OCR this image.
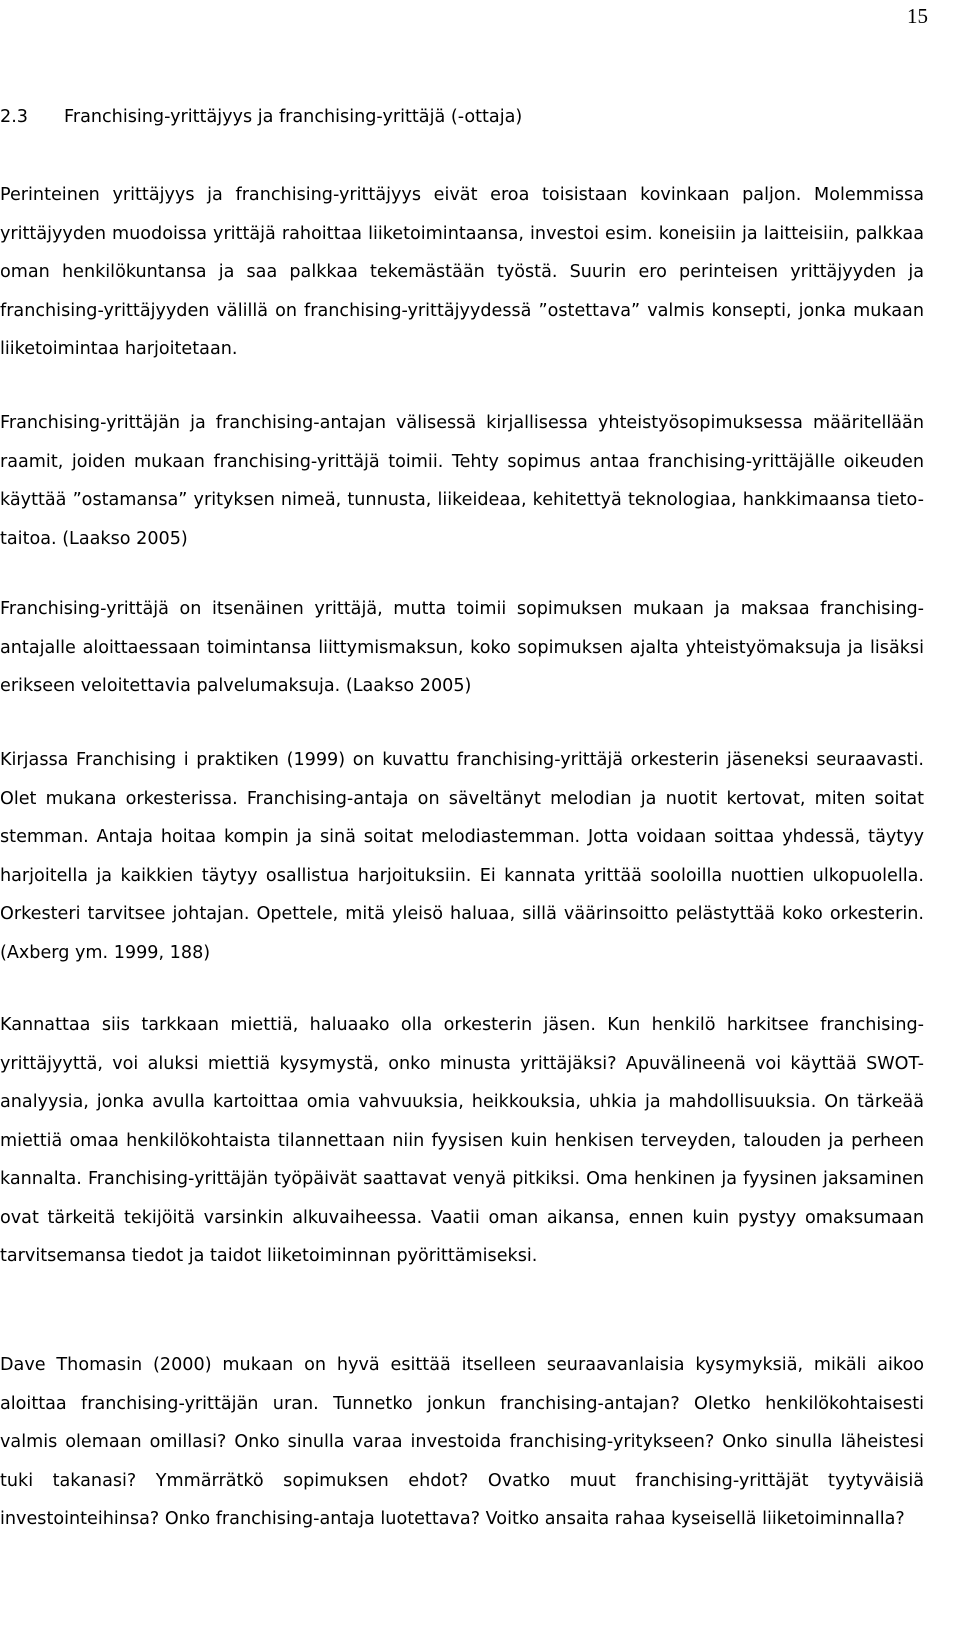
15
2.3 Franchising-yrittäjyys ja franchising-yrittäjä (-ottaja)

Perinteinen yrittäjyys ja franchising-yrittäjyys eivät eroa toisistaan kovinkaan paljon. Molemmissa yrittäjyyden muodoissa yrittäjä rahoittaa liiketoimintaansa, investoi esim. koneisiin ja laitteisiin, palkkaa oman henkilökuntansa ja saa palkkaa tekemästään työstä. Suurin ero perinteisen yrittäjyyden ja franchising-yrittäjyyden välillä on franchising-yrittäjyydessä ”ostettava” valmis konsepti, jonka mukaan liiketoimintaa harjoitetaan.

Franchising-yrittäjän ja franchising-antajan välisessä kirjallisessa yhteistyösopimuksessa määritellään raamit, joiden mukaan franchising-yrittäjä toimii. Tehty sopimus antaa franchising-yrittäjälle oikeuden käyttää ”ostamansa” yrityksen nimeä, tunnusta, liikeideaa, kehitettyä teknologiaa, hankkimaansa tieto-taitoa. (Laakso 2005)

Franchising-yrittäjä on itsenäinen yrittäjä, mutta toimii sopimuksen mukaan ja maksaa franchising-antajalle aloittaessaan toimintansa liittymismaksun, koko sopimuksen ajalta yhteistyömaksuja ja lisäksi erikseen veloitettavia palvelumaksuja. (Laakso 2005)

Kirjassa Franchising i praktiken (1999) on kuvattu franchising-yrittäjä orkesterin jäseneksi seuraavasti. Olet mukana orkesterissa. Franchising-antaja on säveltänyt melodian ja nuotit kertovat, miten soitat stemman. Antaja hoitaa kompin ja sinä soitat melodiastemman. Jotta voidaan soittaa yhdessä, täytyy harjoitella ja kaikkien täytyy osallistua harjoituksiin. Ei kannata yrittää sooloilla nuottien ulkopuolella. Orkesteri tarvitsee johtajan. Opettele, mitä yleisö haluaa, sillä väärinsoitto pelästyttää koko orkesterin. (Axberg ym. 1999, 188)

Kannattaa siis tarkkaan miettiä, haluaako olla orkesterin jäsen. Kun henkilö harkitsee franchising-yrittäjyyttä, voi aluksi miettiä kysymystä, onko minusta yrittäjäksi? Apuvälineenä voi käyttää SWOT-analyysia, jonka avulla kartoittaa omia vahvuuksia, heikkouksia, uhkia ja mahdollisuuksia. On tärkeää miettiä omaa henkilökohtaista tilannettaan niin fyysisen kuin henkisen terveyden, talouden ja perheen kannalta. Franchising-yrittäjän työpäivät saattavat venyä pitkiksi. Oma henkinen ja fyysinen jaksaminen ovat tärkeitä tekijöitä varsinkin alkuvaiheessa. Vaatii oman aikansa, ennen kuin pystyy omaksumaan tarvitsemansa tiedot ja taidot liiketoiminnan pyörittämiseksi.

Dave Thomasin (2000) mukaan on hyvä esittää itselleen seuraavanlaisia kysymyksiä, mikäli aikoo aloittaa franchising-yrittäjän uran. Tunnetko jonkun franchising-antajan? Oletko henkilökohtaisesti valmis olemaan omillasi? Onko sinulla varaa investoida franchising-yritykseen? Onko sinulla läheistesi tuki takanasi? Ymmärrätkö sopimuksen ehdot? Ovatko muut franchising-yrittäjät tyytyväisiä investointeihinsa? Onko franchising-antaja luotettava? Voitko ansaita rahaa kyseisellä liiketoiminnalla?
